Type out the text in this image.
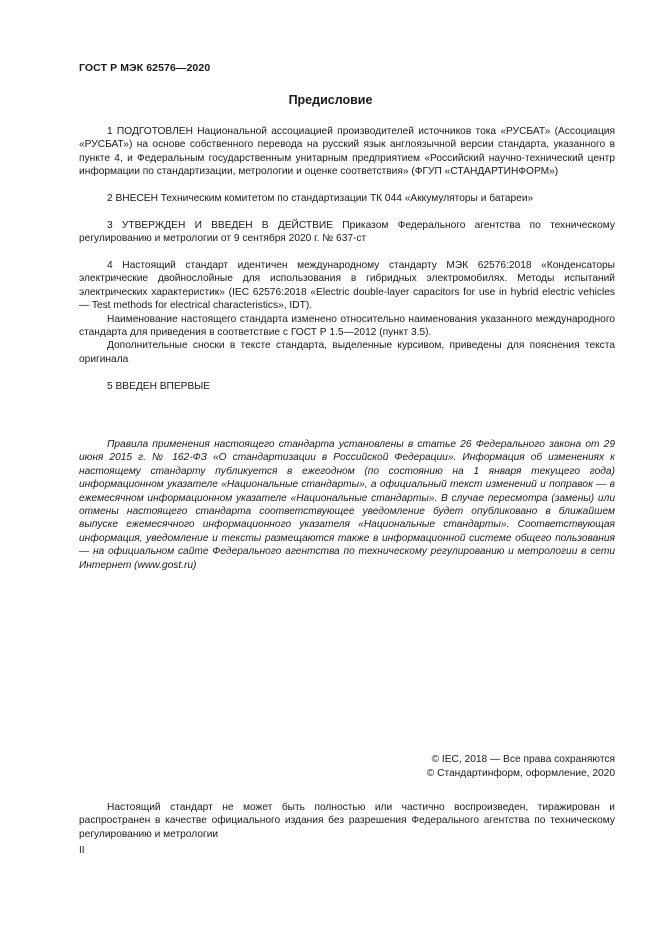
ГОСТ Р МЭК 62576—2020
Предисловие

1 ПОДГОТОВЛЕН Национальной ассоциацией производителей источников тока «РУСБАТ» (Ассоциация «РУСБАТ») на основе собственного перевода на русский язык англоязычной версии стандарта, указанного в пункте 4, и Федеральным государственным унитарным предприятием «Российский научно-технический центр информации по стандартизации, метрологии и оценке соответствия» (ФГУП «СТАНДАРТИНФОРМ»)

2 ВНЕСЕН Техническим комитетом по стандартизации ТК 044 «Аккумуляторы и батареи»

3 УТВЕРЖДЕН И ВВЕДЕН В ДЕЙСТВИЕ Приказом Федерального агентства по техническому регулированию и метрологии от 9 сентября 2020 г. № 637-ст

4 Настоящий стандарт идентичен международному стандарту МЭК 62576:2018 «Конденсаторы электрические двойнослойные для использования в гибридных электромобилях. Методы испытаний электрических характеристик» (IEC 62576:2018 «Electric double-layer capacitors for use in hybrid electric vehicles — Test methods for electrical characteristics», IDT).

Наименование настоящего стандарта изменено относительно наименования указанного международного стандарта для приведения в соответствие с ГОСТ Р 1.5—2012 (пункт 3.5).

Дополнительные сноски в тексте стандарта, выделенные курсивом, приведены для пояснения текста оригинала

5 ВВЕДЕН ВПЕРВЫЕ

Правила применения настоящего стандарта установлены в статье 26 Федерального закона от 29 июня 2015 г. № 162-ФЗ «О стандартизации в Российской Федерации». Информация об изменениях к настоящему стандарту публикуется в ежегодном (по состоянию на 1 января текущего года) информационном указателе «Национальные стандарты», а официальный текст изменений и поправок — в ежемесячном информационном указателе «Национальные стандарты». В случае пересмотра (замены) или отмены настоящего стандарта соответствующее уведомление будет опубликовано в ближайшем выпуске ежемесячного информационного указателя «Национальные стандарты». Соответствующая информация, уведомление и тексты размещаются также в информационной системе общего пользования — на официальном сайте Федерального агентства по техническому регулированию и метрологии в сети Интернет (www.gost.ru)
© IEC, 2018 — Все права сохраняются
© Стандартинформ, оформление, 2020
Настоящий стандарт не может быть полностью или частично воспроизведен, тиражирован и распространен в качестве официального издания без разрешения Федерального агентства по техническому регулированию и метрологии
II
